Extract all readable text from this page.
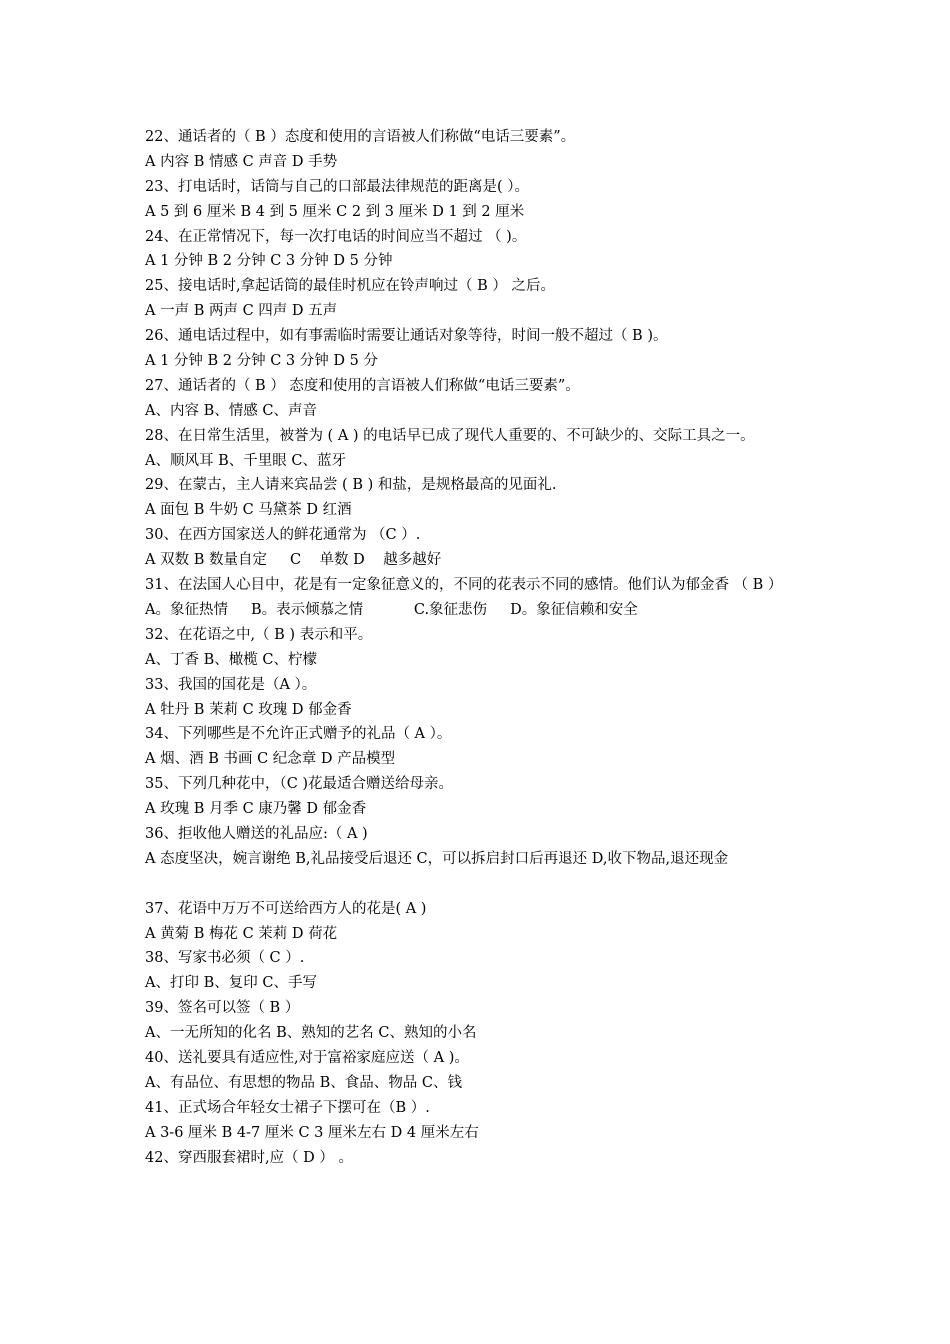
22、通话者的（ B ）态度和使用的言语被人们称做“电话三要素”。
A 内容 B 情感 C 声音 D 手势
23、打电话时，话筒与自己的口部最法律规范的距离是( ）。
A 5 到 6 厘米 B 4 到 5 厘米 C 2 到 3 厘米 D 1 到 2 厘米
24、在正常情况下，每一次打电话的时间应当不超过 （ )。
A 1 分钟 B 2 分钟 C 3 分钟 D 5 分钟
25、接电话时,拿起话筒的最佳时机应在铃声响过（ B ） 之后。
A 一声 B 两声 C 四声 D 五声
26、通电话过程中，如有事需临时需要让通话对象等待，时间一般不超过（ B )。
A 1 分钟 B 2 分钟 C 3 分钟 D 5 分
27、通话者的（ B ） 态度和使用的言语被人们称做“电话三要素”。
A、内容 B、情感 C、声音
28、在日常生活里，被誉为 ( A ) 的电话早已成了现代人重要的、不可缺少的、交际工具之一。
A、顺风耳 B、千里眼 C、蓝牙
29、在蒙古，主人请来宾品尝 ( B ) 和盐，是规格最高的见面礼.
A 面包 B 牛奶 C 马黛茶 D 红酒
30、在西方国家送人的鲜花通常为 （C ）.
A 双数 B 数量自定     C    单数 D    越多越好
31、在法国人心目中，花是有一定象征意义的，不同的花表示不同的感情。他们认为郁金香 （ B ）
A。象征热情     B。表示倾慕之情           C.象征悲伤     D。象征信赖和安全
32、在花语之中,（ B ) 表示和平。
A、丁香 B、橄榄 C、柠檬
33、我国的国花是（A ）。
A 牡丹 B 茉莉 C 玫瑰 D 郁金香
34、下列哪些是不允许正式赠予的礼品（ A ）。
A 烟、酒 B 书画 C 纪念章 D 产品模型
35、下列几种花中，（C )花最适合赠送给母亲。
A 玫瑰 B 月季 C 康乃馨 D 郁金香
36、拒收他人赠送的礼品应:（ A )
A 态度坚决，婉言谢绝 B,礼品接受后退还 C，可以拆启封口后再退还 D,收下物品,退还现金
37、花语中万万不可送给西方人的花是( A )
A 黄菊 B 梅花 C 茉莉 D 荷花
38、写家书必须（ C ）.
A、打印 B、复印 C、手写
39、签名可以签（ B ）
A、一无所知的化名 B、熟知的艺名 C、熟知的小名
40、送礼要具有适应性,对于富裕家庭应送（ A )。
A、有品位、有思想的物品 B、食品、物品 C、钱
41、正式场合年轻女士裙子下摆可在（B ）.
A 3-6 厘米 B 4-7 厘米 C 3 厘米左右 D 4 厘米左右
42、穿西服套裙时,应（ D ） 。
